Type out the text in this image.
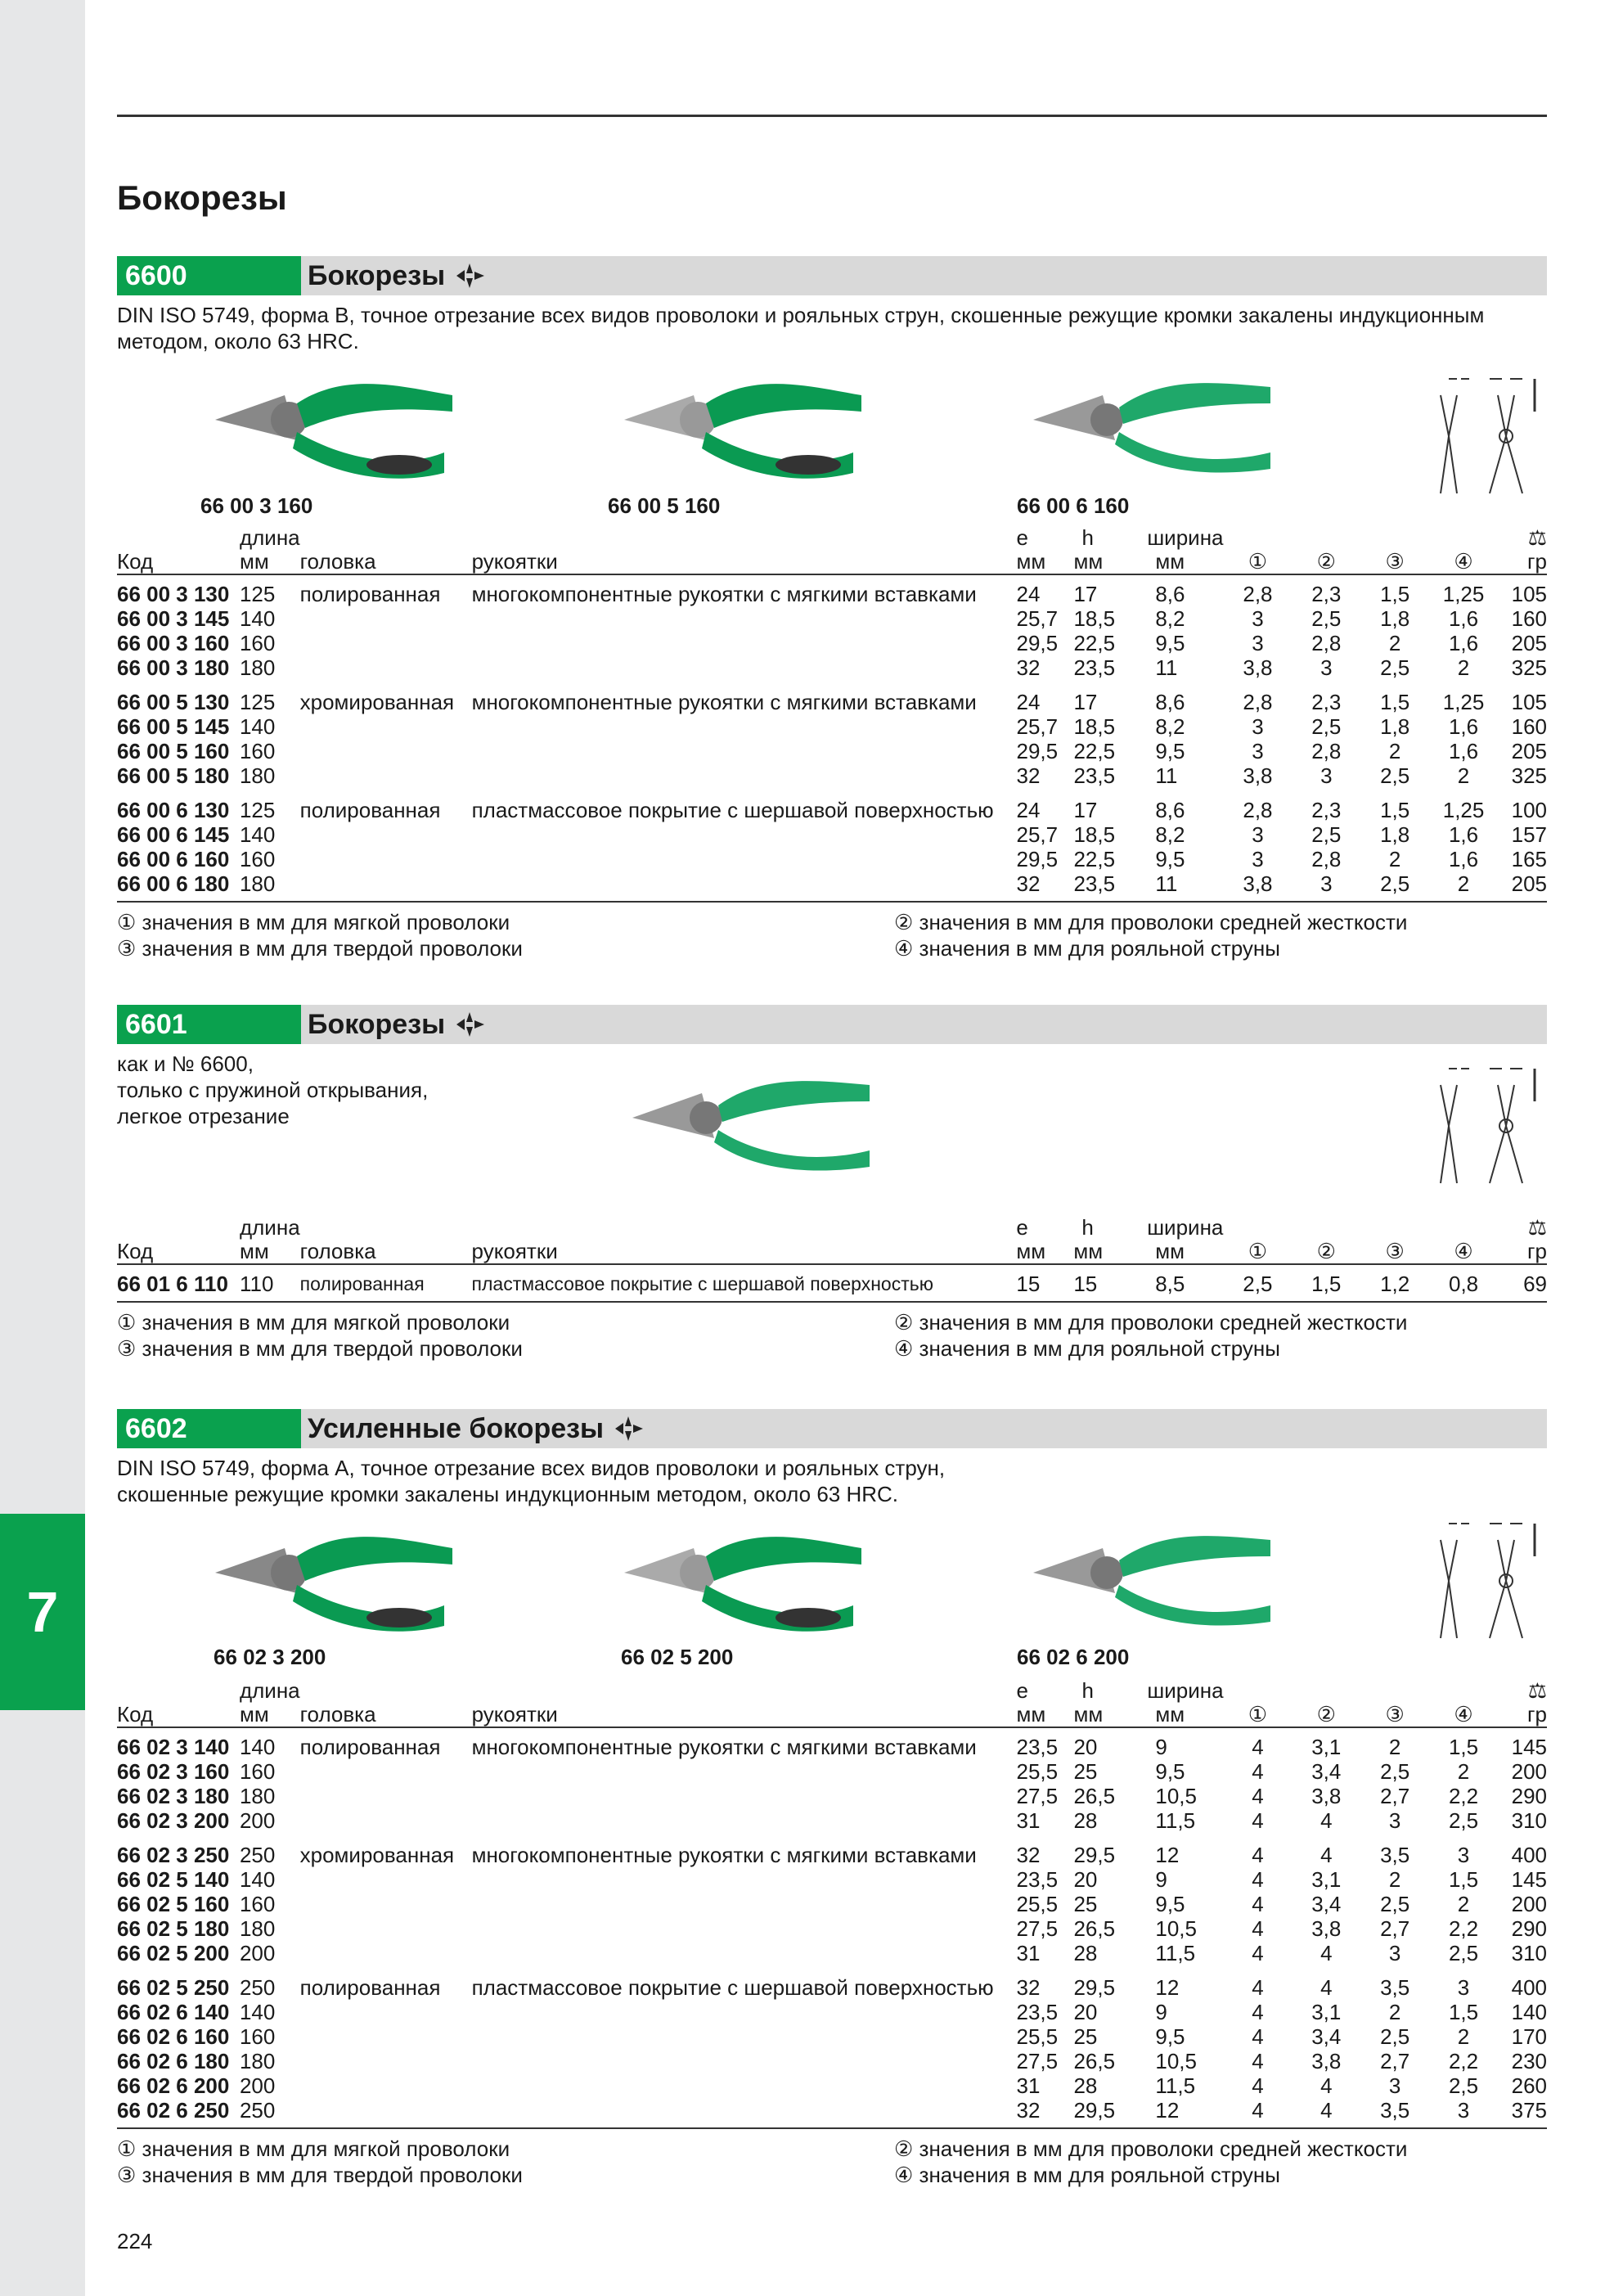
7
Бокорезы
6600	Бокорезы
DIN ISO 5749, форма B, точное отрезание всех видов проволоки и рояльных струн, скошенные режущие кромки закалены индукционным методом, около 63 HRC.
66 00 3 160	66 00 5 160	66 00 6 160
	длина			e	h	ширина					⚖
Код	мм	головка	рукоятки	мм	мм	мм	①	②	③	④	гр
66 00 3 130	125	полированная	многокомпонентные рукоятки с мягкими вставками	24	17	8,6	2,8	2,3	1,5	1,25	105
66 00 3 145	140			25,7	18,5	8,2	3	2,5	1,8	1,6	160
66 00 3 160	160			29,5	22,5	9,5	3	2,8	2	1,6	205
66 00 3 180	180			32	23,5	11	3,8	3	2,5	2	325
66 00 5 130	125	хромированная	многокомпонентные рукоятки с мягкими вставками	24	17	8,6	2,8	2,3	1,5	1,25	105
66 00 5 145	140			25,7	18,5	8,2	3	2,5	1,8	1,6	160
66 00 5 160	160			29,5	22,5	9,5	3	2,8	2	1,6	205
66 00 5 180	180			32	23,5	11	3,8	3	2,5	2	325
66 00 6 130	125	полированная	пластмассовое покрытие с шершавой поверхностью	24	17	8,6	2,8	2,3	1,5	1,25	100
66 00 6 145	140			25,7	18,5	8,2	3	2,5	1,8	1,6	157
66 00 6 160	160			29,5	22,5	9,5	3	2,8	2	1,6	165
66 00 6 180	180			32	23,5	11	3,8	3	2,5	2	205
① значения в мм для мягкой проволоки	② значения в мм для проволоки средней жесткости
③ значения в мм для твердой проволоки	④ значения в мм для рояльной струны
6601	Бокорезы
как и № 6600,
только с пружиной открывания,
легкое отрезание
	длина			e	h	ширина					⚖
Код	мм	головка	рукоятки	мм	мм	мм	①	②	③	④	гр
66 01 6 110	110	полированная	пластмассовое покрытие с шершавой поверхностью	15	15	8,5	2,5	1,5	1,2	0,8	69
① значения в мм для мягкой проволоки	② значения в мм для проволоки средней жесткости
③ значения в мм для твердой проволоки	④ значения в мм для рояльной струны
6602	Усиленные бокорезы
DIN ISO 5749, форма A, точное отрезание всех видов проволоки и рояльных струн,
скошенные режущие кромки закалены индукционным методом, около 63 HRC.
66 02 3 200	66 02 5 200	66 02 6 200
	длина			e	h	ширина					⚖
Код	мм	головка	рукоятки	мм	мм	мм	①	②	③	④	гр
66 02 3 140	140	полированная	многокомпонентные рукоятки с мягкими вставками	23,5	20	9	4	3,1	2	1,5	145
66 02 3 160	160			25,5	25	9,5	4	3,4	2,5	2	200
66 02 3 180	180			27,5	26,5	10,5	4	3,8	2,7	2,2	290
66 02 3 200	200			31	28	11,5	4	4	3	2,5	310
66 02 3 250	250	хромированная	многокомпонентные рукоятки с мягкими вставками	32	29,5	12	4	4	3,5	3	400
66 02 5 140	140			23,5	20	9	4	3,1	2	1,5	145
66 02 5 160	160			25,5	25	9,5	4	3,4	2,5	2	200
66 02 5 180	180			27,5	26,5	10,5	4	3,8	2,7	2,2	290
66 02 5 200	200			31	28	11,5	4	4	3	2,5	310
66 02 5 250	250	полированная	пластмассовое покрытие с шершавой поверхностью	32	29,5	12	4	4	3,5	3	400
66 02 6 140	140			23,5	20	9	4	3,1	2	1,5	140
66 02 6 160	160			25,5	25	9,5	4	3,4	2,5	2	170
66 02 6 180	180			27,5	26,5	10,5	4	3,8	2,7	2,2	230
66 02 6 200	200			31	28	11,5	4	4	3	2,5	260
66 02 6 250	250			32	29,5	12	4	4	3,5	3	375
① значения в мм для мягкой проволоки	② значения в мм для проволоки средней жесткости
③ значения в мм для твердой проволоки	④ значения в мм для рояльной струны
224
